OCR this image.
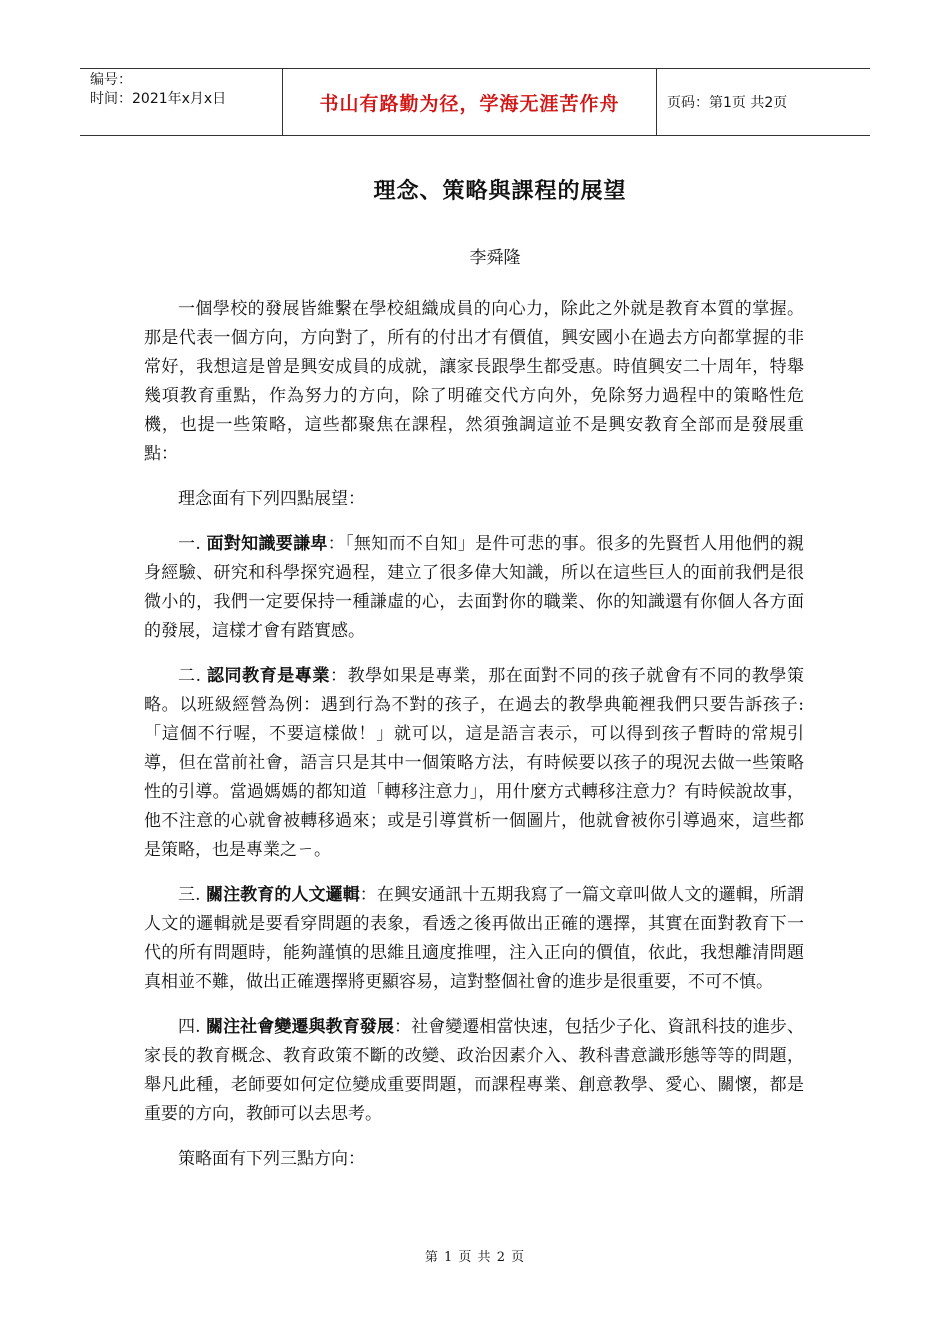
编号：
时间：2021年x月x日	书山有路勤为径，学海无涯苦作舟	页码：第1页 共2页
理念、策略與課程的展望
李舜隆

一個學校的發展皆維繫在學校組織成員的向心力，除此之外就是教育本質的掌握。那是代表一個方向，方向對了，所有的付出才有價值，興安國小在過去方向都掌握的非常好，我想這是曾是興安成員的成就，讓家長跟學生都受惠。時值興安二十周年，特舉幾項教育重點，作為努力的方向，除了明確交代方向外，免除努力過程中的策略性危機，也提一些策略，這些都聚焦在課程，然須強調這並不是興安教育全部而是發展重點：

理念面有下列四點展望：

一. 面對知識要謙卑：「無知而不自知」是件可悲的事。很多的先賢哲人用他們的親身經驗、研究和科學探究過程，建立了很多偉大知識，所以在這些巨人的面前我們是很微小的，我們一定要保持一種謙虛的心，去面對你的職業、你的知識還有你個人各方面的發展，這樣才會有踏實感。

二. 認同教育是專業：教學如果是專業，那在面對不同的孩子就會有不同的教學策略。以班級經營為例：遇到行為不對的孩子，在過去的教學典範裡我們只要告訴孩子:「這個不行喔，不要這樣做！」就可以，這是語言表示，可以得到孩子暫時的常規引導，但在當前社會，語言只是其中一個策略方法，有時候要以孩子的現況去做一些策略性的引導。當過媽媽的都知道「轉移注意力」，用什麼方式轉移注意力？有時候說故事，他不注意的心就會被轉移過來；或是引導賞析一個圖片，他就會被你引導過來，這些都是策略，也是專業之ㄧ。

三. 關注教育的人文邏輯：在興安通訊十五期我寫了一篇文章叫做人文的邏輯，所謂人文的邏輯就是要看穿問題的表象，看透之後再做出正確的選擇，其實在面對教育下一代的所有問題時，能夠謹慎的思維且適度推哩，注入正向的價值，依此，我想離清問題真相並不難，做出正確選擇將更顯容易，這對整個社會的進步是很重要，不可不慎。

四. 關注社會變遷與教育發展：社會變遷相當快速，包括少子化、資訊科技的進步、家長的教育概念、教育政策不斷的改變、政治因素介入、教科書意識形態等等的問題，舉凡此種，老師要如何定位變成重要問題，而課程專業、創意教學、愛心、關懷，都是重要的方向，教師可以去思考。

策略面有下列三點方向：

第 1 页 共 2 页
